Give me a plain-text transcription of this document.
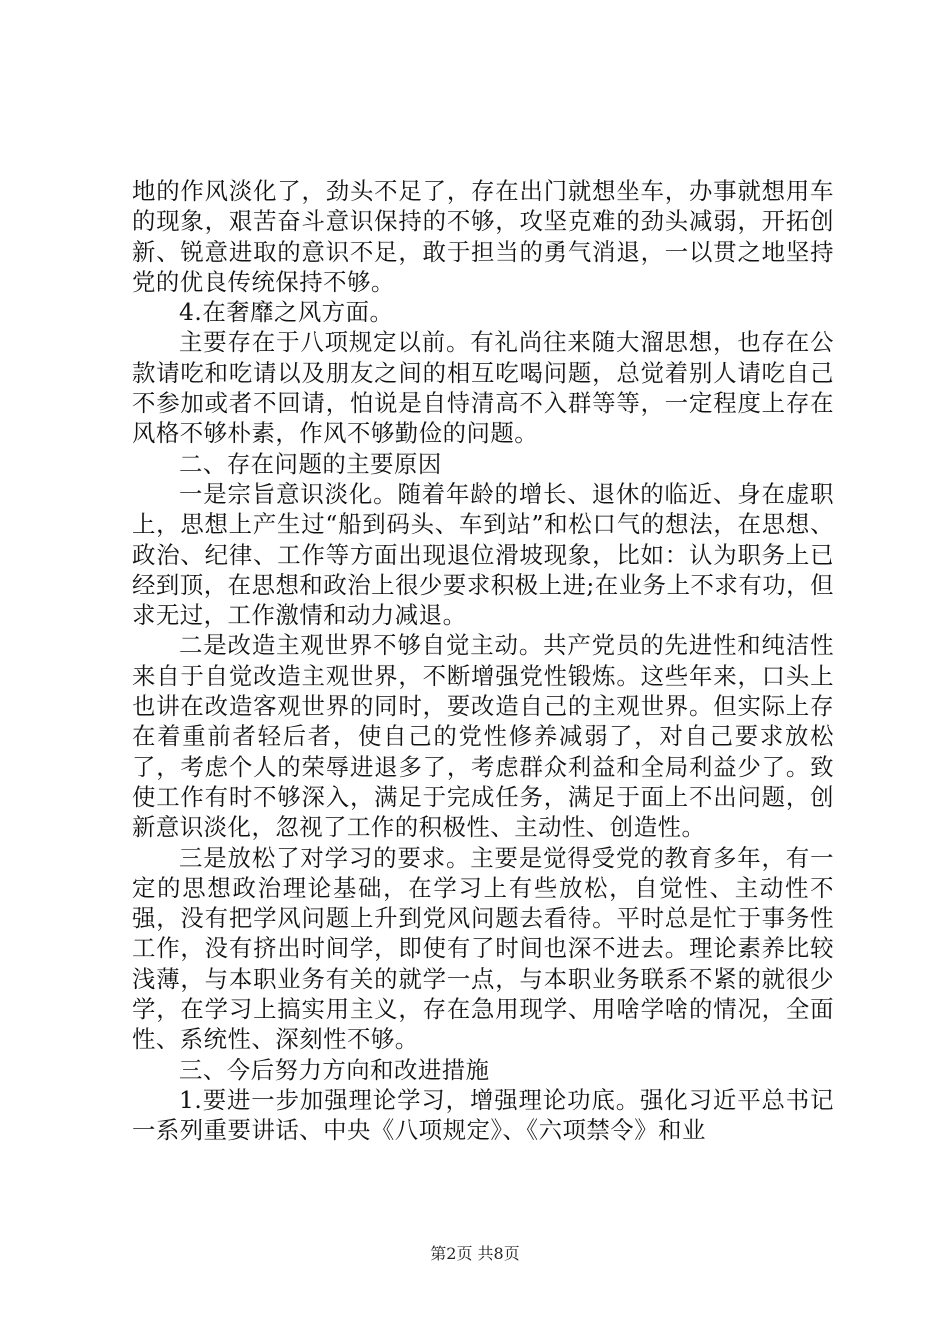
地的作风淡化了，劲头不足了，存在出门就想坐车，办事就想用车的现象，艰苦奋斗意识保持的不够，攻坚克难的劲头减弱，开拓创新、锐意进取的意识不足，敢于担当的勇气消退，一以贯之地坚持党的优良传统保持不够。

4.在奢靡之风方面。

主要存在于八项规定以前。有礼尚往来随大溜思想，也存在公款请吃和吃请以及朋友之间的相互吃喝问题，总觉着别人请吃自己不参加或者不回请，怕说是自恃清高不入群等等，一定程度上存在风格不够朴素，作风不够勤俭的问题。

二、存在问题的主要原因

一是宗旨意识淡化。随着年龄的增长、退休的临近、身在虚职上，思想上产生过“船到码头、车到站”和松口气的想法，在思想、政治、纪律、工作等方面出现退位滑坡现象，比如：认为职务上已经到顶，在思想和政治上很少要求积极上进;在业务上不求有功，但求无过，工作激情和动力减退。

二是改造主观世界不够自觉主动。共产党员的先进性和纯洁性来自于自觉改造主观世界，不断增强党性锻炼。这些年来，口头上也讲在改造客观世界的同时，要改造自己的主观世界。但实际上存在着重前者轻后者，使自己的党性修养减弱了，对自己要求放松了，考虑个人的荣辱进退多了，考虑群众利益和全局利益少了。致使工作有时不够深入，满足于完成任务，满足于面上不出问题，创新意识淡化，忽视了工作的积极性、主动性、创造性。

三是放松了对学习的要求。主要是觉得受党的教育多年，有一定的思想政治理论基础，在学习上有些放松，自觉性、主动性不强，没有把学风问题上升到党风问题去看待。平时总是忙于事务性工作，没有挤出时间学，即使有了时间也深不进去。理论素养比较浅薄，与本职业务有关的就学一点，与本职业务联系不紧的就很少学，在学习上搞实用主义，存在急用现学、用啥学啥的情况，全面性、系统性、深刻性不够。

三、今后努力方向和改进措施

1.要进一步加强理论学习，增强理论功底。强化习近平总书记一系列重要讲话、中央《八项规定》、《六项禁令》和业

第2页 共8页
